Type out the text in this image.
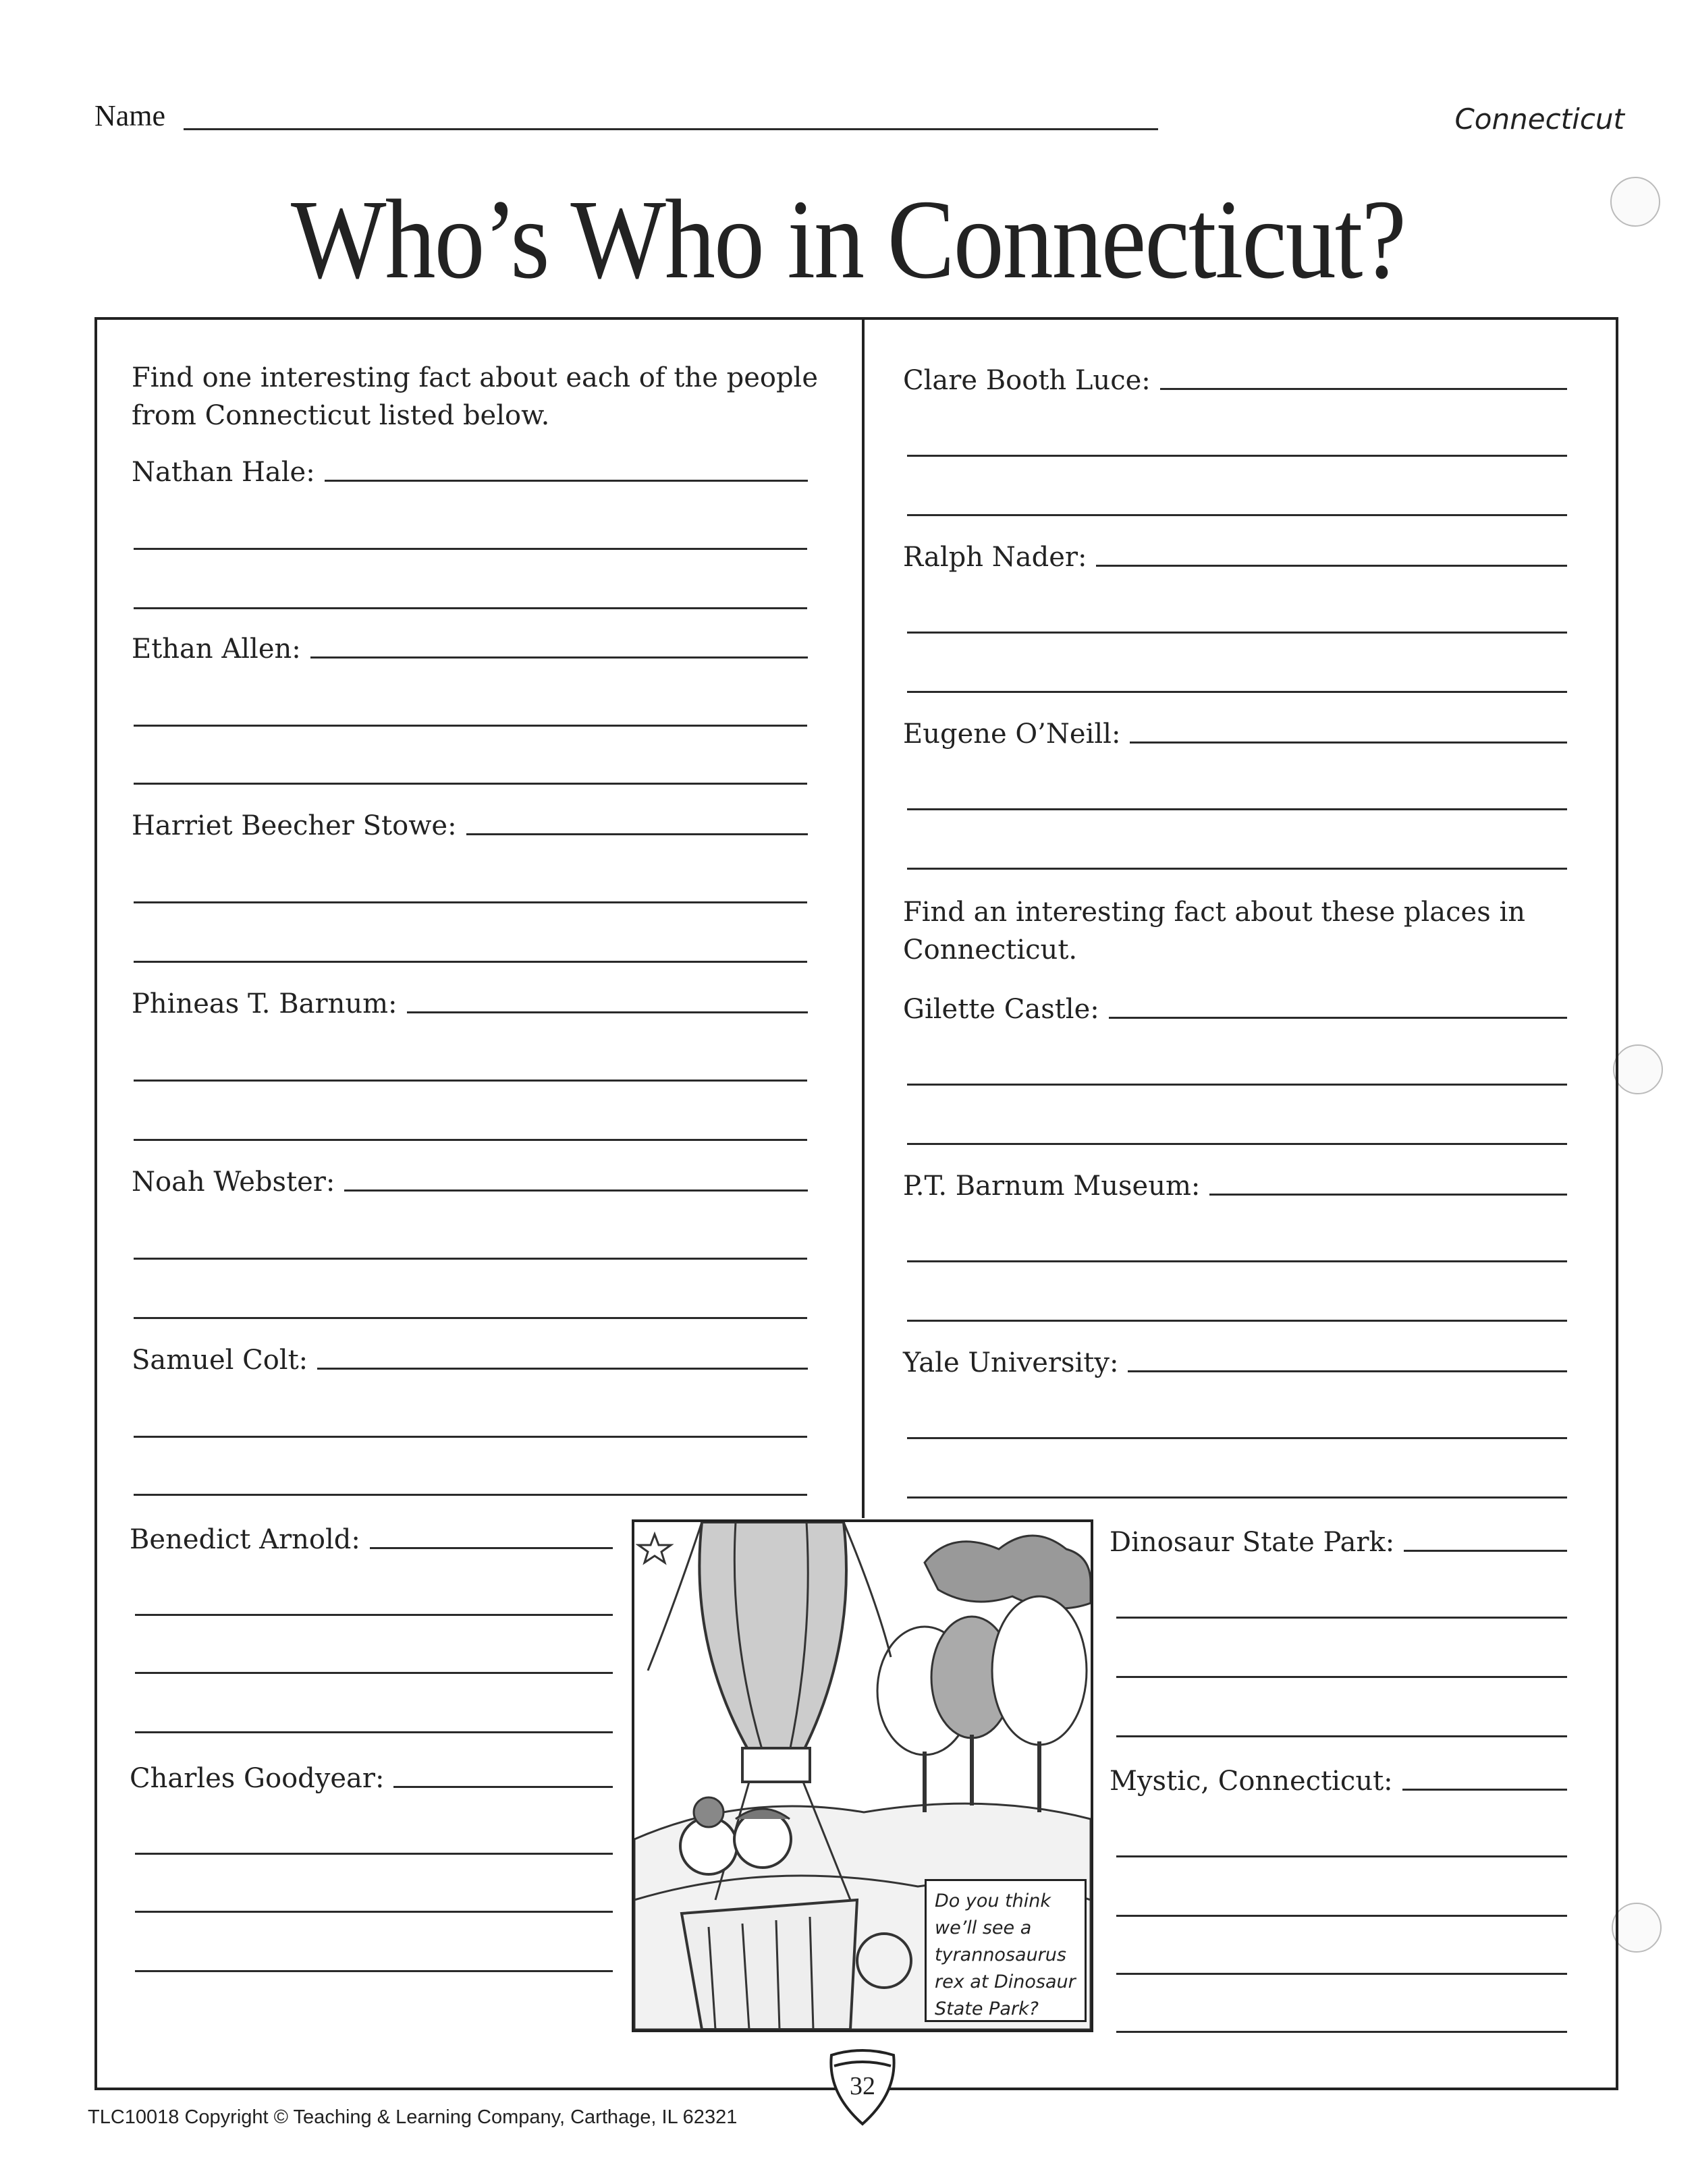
Name	Connecticut
Who’s Who in Connecticut?
Find one interesting fact about each of the people from Connecticut listed below.
Nathan Hale:
Ethan Allen:
Harriet Beecher Stowe:
Phineas T. Barnum:
Noah Webster:
Samuel Colt:
Benedict Arnold:
Charles Goodyear:
Clare Booth Luce:
Ralph Nader:
Eugene O’Neill:
Find an interesting fact about these places in Connecticut.
Gilette Castle:
P.T. Barnum Museum:
Yale University:
Dinosaur State Park:
Mystic, Connecticut:
Do you think we’ll see a tyrannosaurus rex at Dinosaur State Park?
32
TLC10018 Copyright © Teaching & Learning Company, Carthage, IL 62321
